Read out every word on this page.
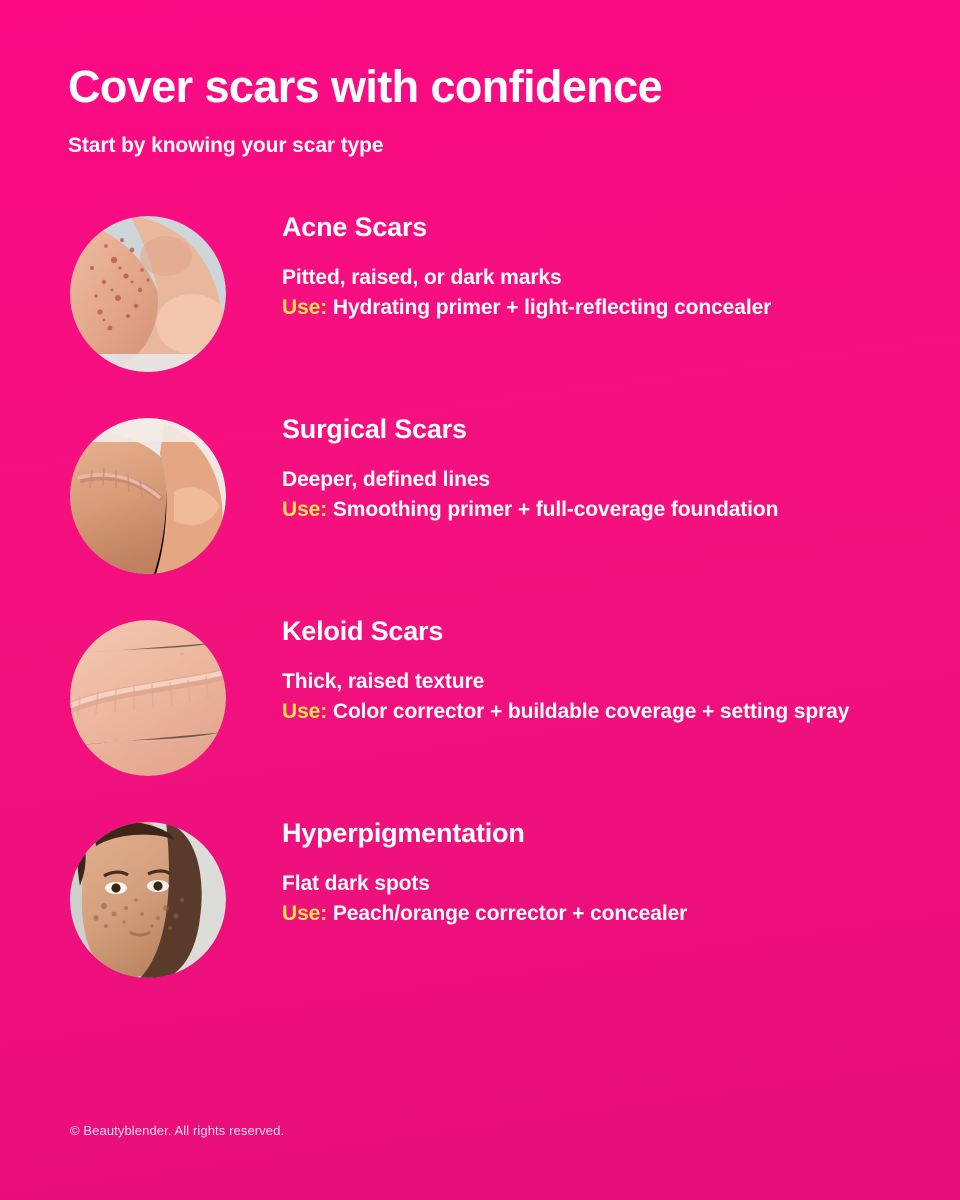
Cover scars with confidence
Start by knowing your scar type
Acne Scars
Pitted, raised, or dark marks
Use: Hydrating primer + light-reflecting concealer
Surgical Scars
Deeper, defined lines
Use: Smoothing primer + full-coverage foundation
Keloid Scars
Thick, raised texture
Use: Color corrector + buildable coverage + setting spray
Hyperpigmentation
Flat dark spots
Use: Peach/orange corrector + concealer
© Beautyblender. All rights reserved.
